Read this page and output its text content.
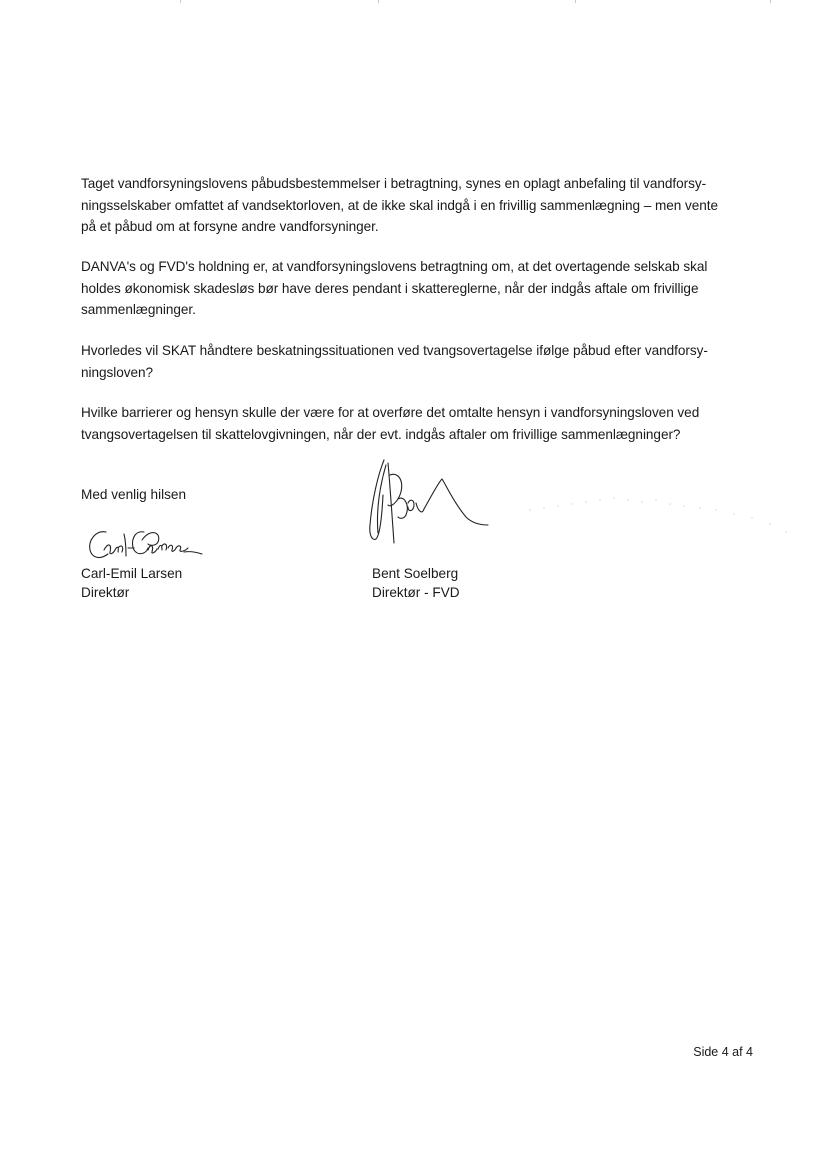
Taget vandforsyningslovens påbudsbestemmelser i betragtning, synes en oplagt anbefaling til vandforsy-
ningsselskaber omfattet af vandsektorloven, at de ikke skal indgå i en frivillig sammenlægning – men vente
på et påbud om at forsyne andre vandforsyninger.
DANVA's og FVD's holdning er, at vandforsyningslovens betragtning om, at det overtagende selskab skal
holdes økonomisk skadesløs bør have deres pendant i skattereglerne, når der indgås aftale om frivillige
sammenlægninger.
Hvorledes vil SKAT håndtere beskatningssituationen ved tvangsovertagelse ifølge påbud efter vandforsy-
ningsloven?
Hvilke barrierer og hensyn skulle der være for at overføre det omtalte hensyn i vandforsyningsloven ved
tvangsovertagelsen til skattelovgivningen, når der evt. indgås aftaler om frivillige sammenlægninger?

Med venlig hilsen

Carl-Emil Larsen
Direktør
Bent Soelberg
Direktør - FVD
Side 4 af 4
